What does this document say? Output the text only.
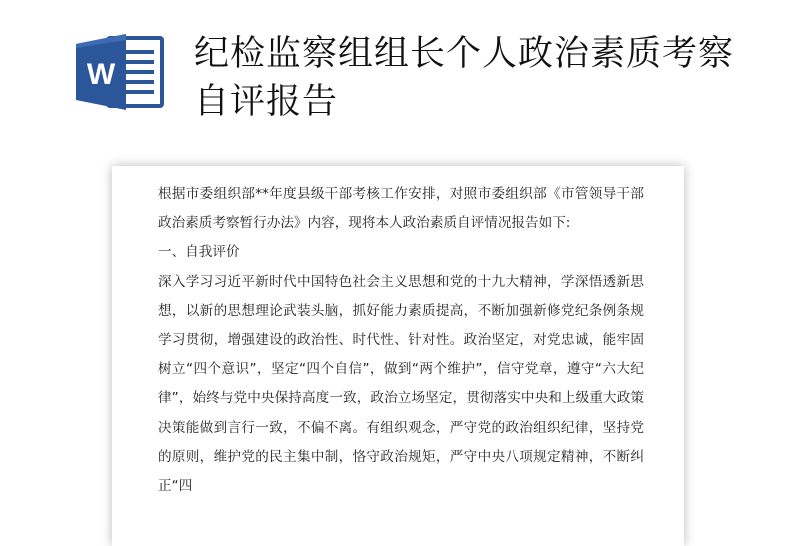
W
纪检监察组组长个人政治素质考察自评报告

根据市委组织部**年度县级干部考核工作安排，对照市委组织部《市管领导干部政治素质考察暂行办法》内容，现将本人政治素质自评情况报告如下:

一、自我评价

深入学习习近平新时代中国特色社会主义思想和党的十九大精神，学深悟透新思想，以新的思想理论武装头脑，抓好能力素质提高，不断加强新修党纪条例条规学习贯彻，增强建设的政治性、时代性、针对性。政治坚定，对党忠诚，能牢固树立“四个意识”，坚定“四个自信”，做到“两个维护”，信守党章，遵守“六大纪律”，始终与党中央保持高度一致，政治立场坚定，贯彻落实中央和上级重大政策决策能做到言行一致，不偏不离。有组织观念，严守党的政治组织纪律，坚持党的原则，维护党的民主集中制，恪守政治规矩，严守中央八项规定精神，不断纠正“四
